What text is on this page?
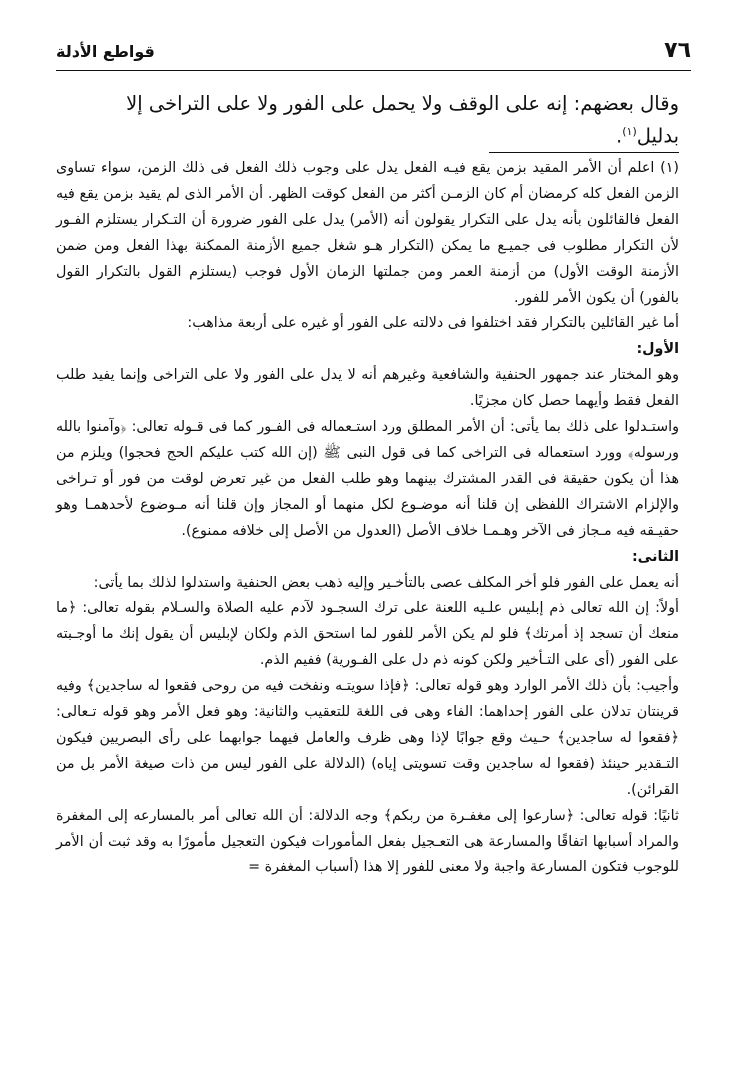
٧٦
قواطع الأدلة
وقال بعضهم: إنه على الوقف ولا يحمل على الفور ولا على التراخى إلا بدليل$^{(١)}$.

(١) اعلم أن الأمر المقيد بزمن يقع فيـه الفعل يدل على وجوب ذلك الفعل فى ذلك الزمن، سواء تساوى الزمن الفعل كله كرمضان أم كان الزمـن أكثر من الفعل كوقت الظهر. أن الأمر الذى لم يقيد بزمن يقع فيه الفعل فالقائلون بأنه يدل على التكرار يقولون أنه (الأمر) يدل على الفور ضرورة أن التـكرار يستلزم الفـور لأن التكرار مطلوب فى جميـع ما يمكن (التكرار هـو شغل جميع الأزمنة الممكنة بهذا الفعل ومن ضمن الأزمنة الوقت الأول) من أزمنة العمر ومن جملتها الزمان الأول فوجب (يستلزم القول بالتكرار القول بالفور) أن يكون الأمر للفور.

أما غير القائلين بالتكرار فقد اختلفوا فى دلالته على الفور أو غيره على أربعة مذاهب:

الأول:

وهو المختار عند جمهور الحنفية والشافعية وغيرهم أنه لا يدل على الفور ولا على التراخى وإنما يفيد طلب الفعل فقط وأيهما حصل كان مجزيًا.

واستـدلوا على ذلك بما يأتى: أن الأمر المطلق ورد استـعماله فى الفـور كما فى قـوله تعالى: ﴿وآمنوا بالله ورسوله﴾ وورد استعماله فى التراخى كما فى قول النبى ﷺ (إن الله كتب عليكم الحج فحجوا) ويلزم من هذا أن يكون حقيقة فى القدر المشترك بينهما وهو طلب الفعل من غير تعرض لوقت من فور أو تـراخى والإلزام الاشتراك اللفظى إن قلنا أنه موضـوع لكل منهما أو المجاز وإن قلنا أنه مـوضوع لأحدهمـا وهو حقيـقه فيه مـجاز فى الآخر وهـمـا خلاف الأصل (العدول من الأصل إلى خلافه ممنوع).

الثانى:

أنه يعمل على الفور فلو أخر المكلف عصى بالتأخـير وإليه ذهب بعض الحنفية واستدلوا لذلك بما يأتى:

أولاً: إن الله تعالى ذم إبليس علـيه اللعنة على ترك السجـود لآدم عليه الصلاة والسـلام بقوله تعالى: ﴿ما منعك أن تسجد إذ أمرتك﴾ فلو لم يكن الأمر للفور لما استحق الذم ولكان لإبليس أن يقول إنك ما أوجـبته على الفور (أى على التـأخير ولكن كونه ذم دل على الفـورية) ففيم الذم.

وأجيب: بأن ذلك الأمر الوارد وهو قوله تعالى: ﴿فإذا سويتـه ونفخت فيه من روحى فقعوا له ساجدين﴾ وفيه قرينتان تدلان على الفور إحداهما: الفاء وهى فى اللغة للتعقيب والثانية: وهو فعل الأمر وهو قوله تـعالى: ﴿فقعوا له ساجدين﴾ حـيث وقع جوابًا لإذا وهى ظرف والعامل فيهما جوابهما على رأى البصريين فيكون التـقدير حينئذ (فقعوا له ساجدين وقت تسويتى إياه) (الدلالة على الفور ليس من ذات صيغة الأمر بل من القرائن).

ثانيًا: قوله تعالى: ﴿سارعوا إلى مغفـرة من ربكم﴾ وجه الدلالة: أن الله تعالى أمر بالمسارعه إلى المغفرة والمراد أسبابها اتفاقًا والمسارعة هى التعـجيل بفعل المأمورات فيكون التعجيل مأمورًا به وقد ثبت أن الأمر للوجوب فتكون المسارعة واجبة ولا معنى للفور إلا هذا (أسباب المغفرة =
